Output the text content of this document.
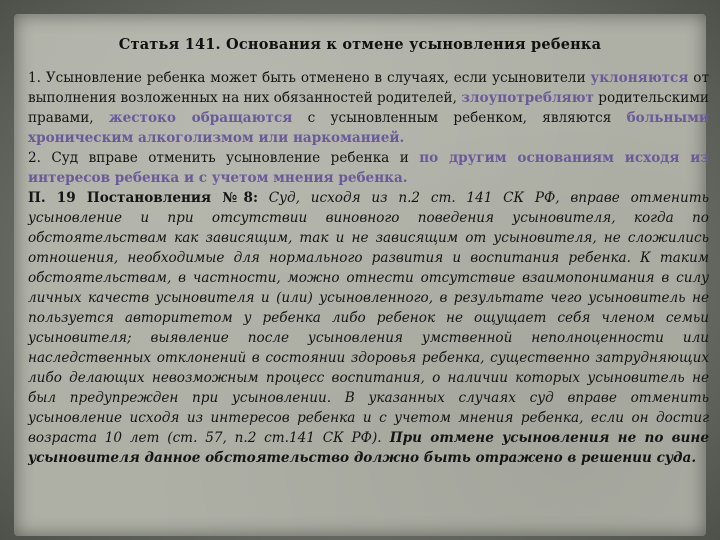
Статья 141. Основания к отмене усыновления ребенка

1. Усыновление ребенка может быть отменено в случаях, если усыновители уклоняются от выполнения возложенных на них обязанностей родителей, злоупотребляют родительскими правами, жестоко обращаются с усыновленным ребенком, являются больными хроническим алкоголизмом или наркоманией.

2. Суд вправе отменить усыновление ребенка и по другим основаниям исходя из интересов ребенка и с учетом мнения ребенка.

П. 19 Постановления №8: Суд, исходя из п.2 ст. 141 СК РФ, вправе отменить усыновление и при отсутствии виновного поведения усыновителя, когда по обстоятельствам как зависящим, так и не зависящим от усыновителя, не сложились отношения, необходимые для нормального развития и воспитания ребенка. К таким обстоятельствам, в частности, можно отнести отсутствие взаимопонимания в силу личных качеств усыновителя и (или) усыновленного, в результате чего усыновитель не пользуется авторитетом у ребенка либо ребенок не ощущает себя членом семьи усыновителя; выявление после усыновления умственной неполноценности или наследственных отклонений в состоянии здоровья ребенка, существенно затрудняющих либо делающих невозможным процесс воспитания, о наличии которых усыновитель не был предупрежден при усыновлении. В указанных случаях суд вправе отменить усыновление исходя из интересов ребенка и с учетом мнения ребенка, если он достиг возраста 10 лет (ст. 57, п.2 ст.141 СК РФ). При отмене усыновления не по вине усыновителя данное обстоятельство должно быть отражено в решении суда.
